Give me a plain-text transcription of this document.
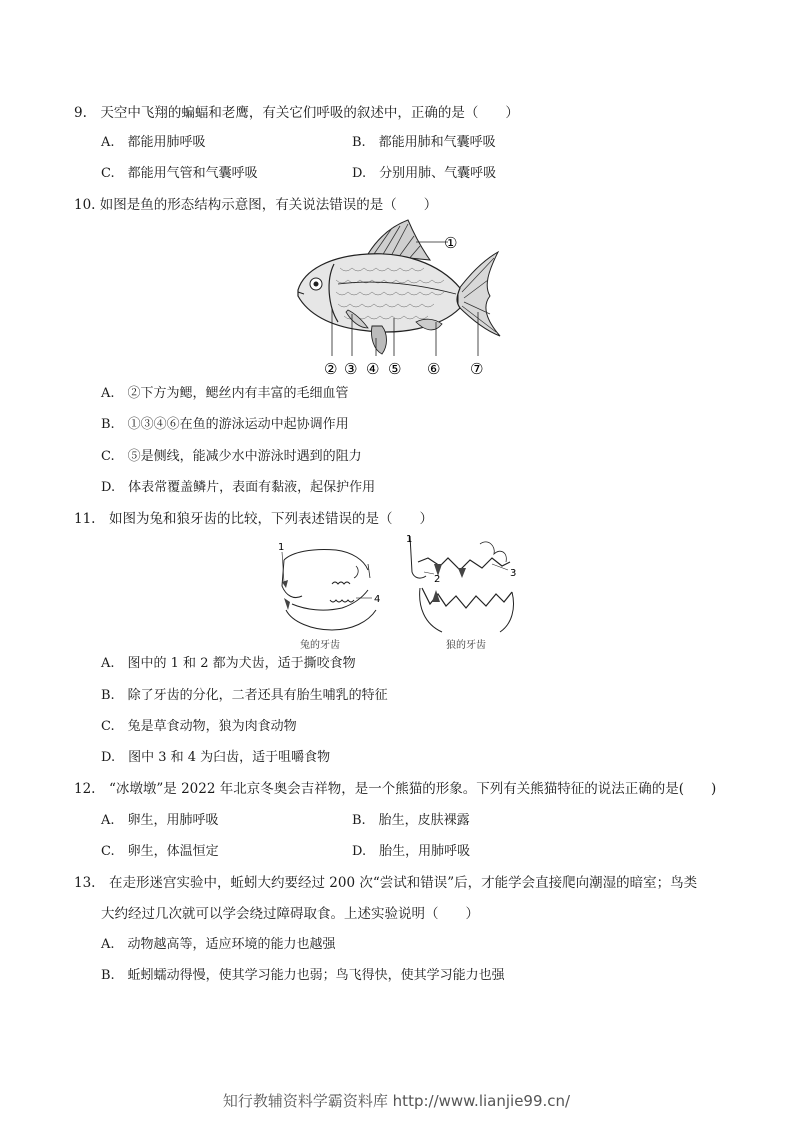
9.　天空中飞翔的蝙蝠和老鹰，有关它们呼吸的叙述中，正确的是（　　）
A.　都能用肺呼吸	B.　都能用肺和气囊呼吸
C.　都能用气管和气囊呼吸	D.　分别用肺、气囊呼吸
10. 如图是鱼的形态结构示意图，有关说法错误的是（　　）
①
② ③ ④ ⑤ ⑥ ⑦
A.　②下方为鳃，鳃丝内有丰富的毛细血管
B.　①③④⑥在鱼的游泳运动中起协调作用
C.　⑤是侧线，能减少水中游泳时遇到的阻力
D.　体表常覆盖鳞片，表面有黏液，起保护作用
11.　如图为兔和狼牙齿的比较，下列表述错误的是（　　）
1
4
兔的牙齿
1
2
3
狼的牙齿
A.　图中的 1 和 2 都为犬齿，适于撕咬食物
B.　除了牙齿的分化，二者还具有胎生哺乳的特征
C.　兔是草食动物，狼为肉食动物
D.　图中 3 和 4 为臼齿，适于咀嚼食物
12.　“冰墩墩”是 2022 年北京冬奥会吉祥物，是一个熊猫的形象。下列有关熊猫特征的说法正确的是(　　)
A.　卵生，用肺呼吸	B.　胎生，皮肤裸露
C.　卵生，体温恒定	D.　胎生，用肺呼吸
13.　在走形迷宫实验中，蚯蚓大约要经过 200 次“尝试和错误”后，才能学会直接爬向潮湿的暗室；鸟类
大约经过几次就可以学会绕过障碍取食。上述实验说明（　　）
A.　动物越高等，适应环境的能力也越强
B.　蚯蚓蠕动得慢，使其学习能力也弱；鸟飞得快，使其学习能力也强
知行教辅资料学霸资料库 http://www.lianjie99.cn/
